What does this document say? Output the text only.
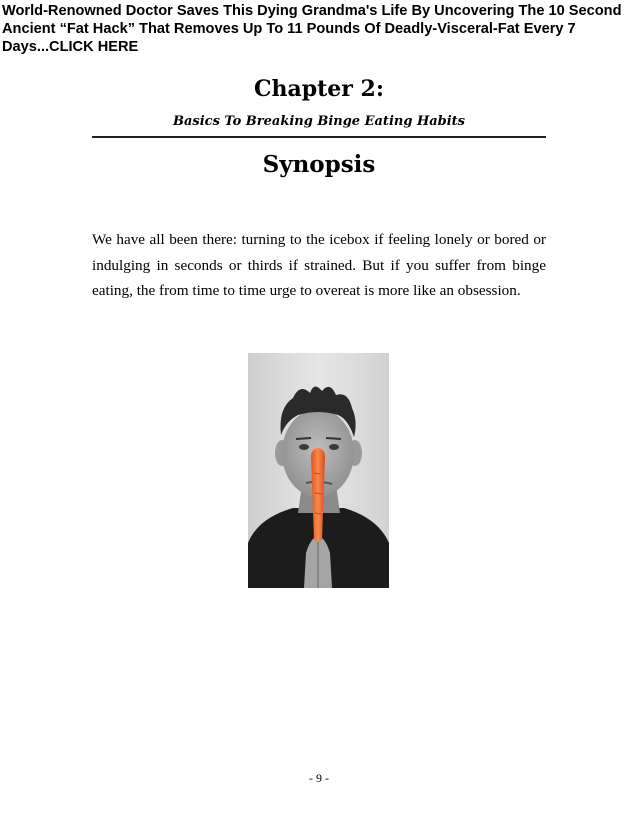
World-Renowned Doctor Saves This Dying Grandma's Life By Uncovering The 10 Second Ancient “Fat Hack” That Removes Up To 11 Pounds Of Deadly-Visceral-Fat Every 7 Days...CLICK HERE
Chapter 2:
Basics To Breaking Binge Eating Habits
Synopsis

We have all been there: turning to the icebox if feeling lonely or bored or indulging in seconds or thirds if strained. But if you suffer from binge eating, the from time to time urge to overeat is more like an obsession.

- 9 -
